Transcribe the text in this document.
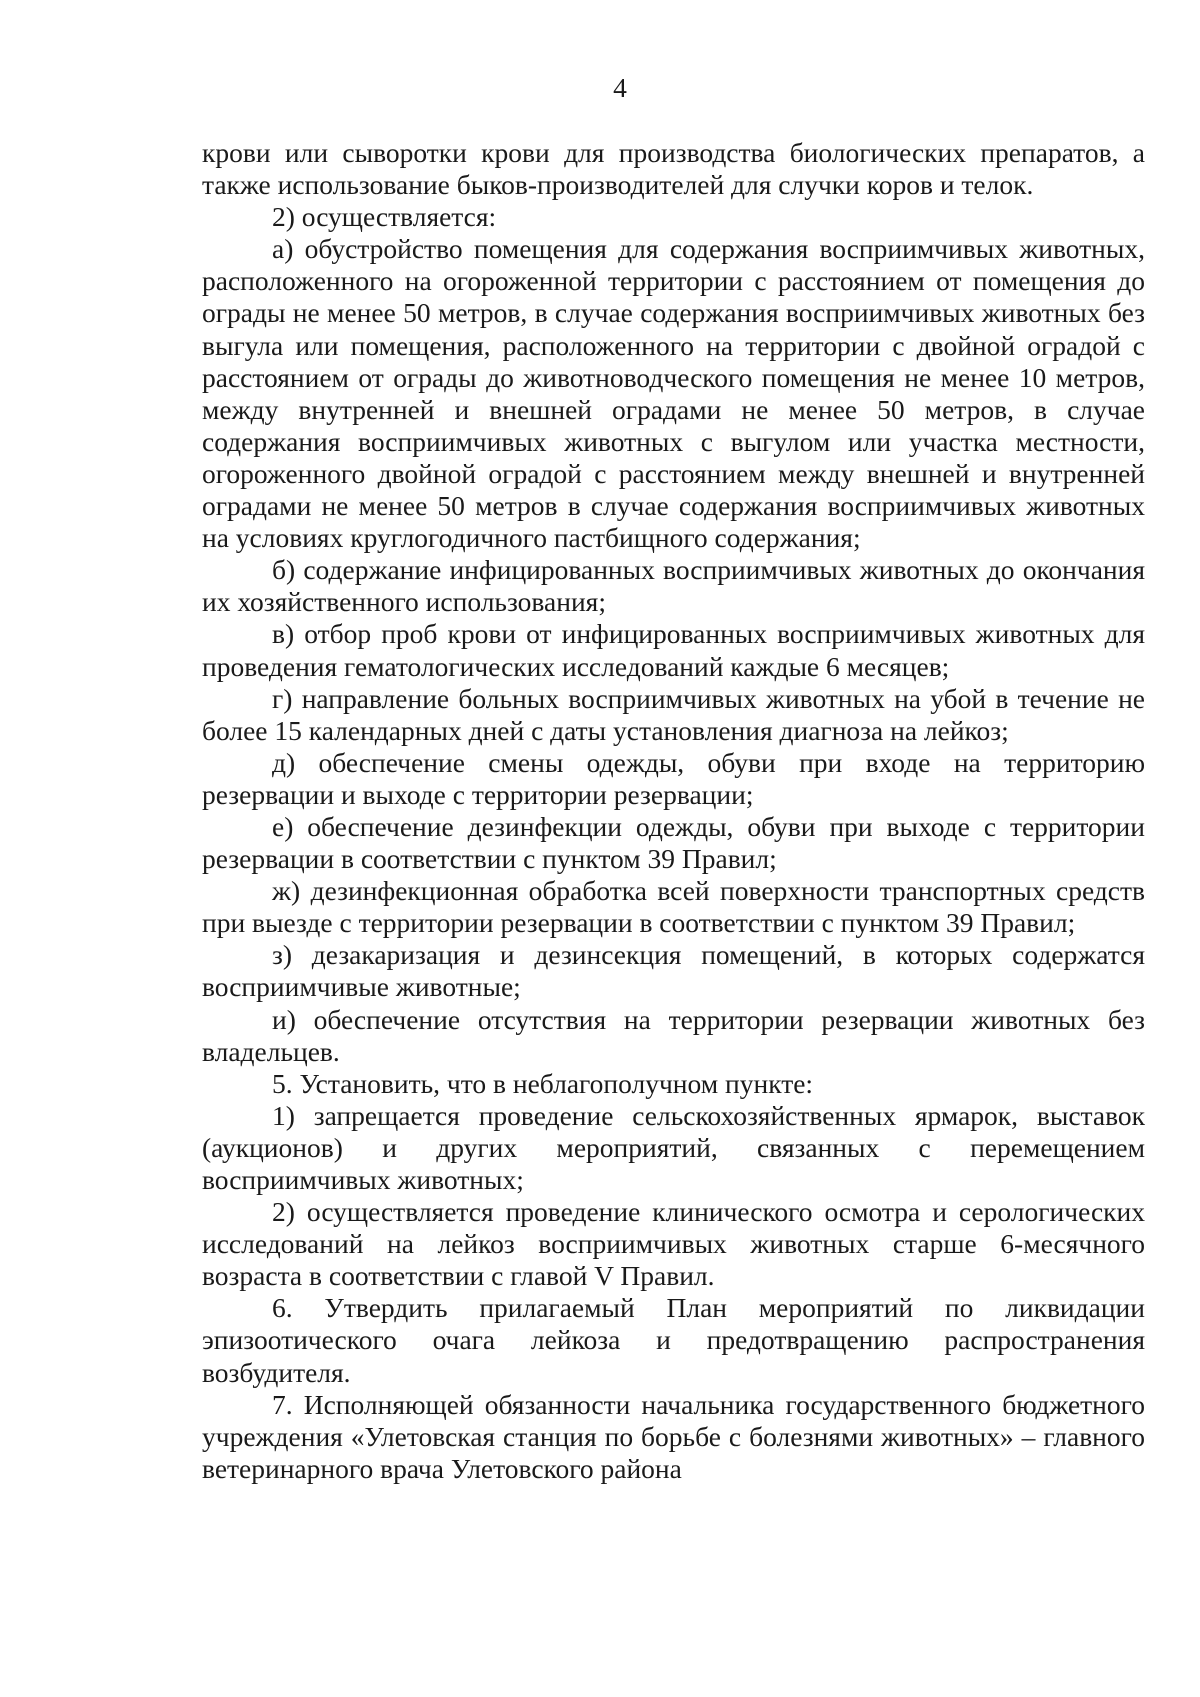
4

крови или сыворотки крови для производства биологических препаратов, а также использование быков-производителей для случки коров и телок.

2) осуществляется:

а) обустройство помещения для содержания восприимчивых животных, расположенного на огороженной территории с расстоянием от помещения до ограды не менее 50 метров, в случае содержания восприимчивых животных без выгула или помещения, расположенного на территории с двойной оградой с расстоянием от ограды до животноводческого помещения не менее 10 метров, между внутренней и внешней оградами не менее 50 метров, в случае содержания восприимчивых животных с выгулом или участка местности, огороженного двойной оградой с расстоянием между внешней и внутренней оградами не менее 50 метров в случае содержания восприимчивых животных на условиях круглогодичного пастбищного содержания;

б) содержание инфицированных восприимчивых животных до окончания их хозяйственного использования;

в) отбор проб крови от инфицированных восприимчивых животных для проведения гематологических исследований каждые 6 месяцев;

г) направление больных восприимчивых животных на убой в течение не более 15 календарных дней с даты установления диагноза на лейкоз;

д) обеспечение смены одежды, обуви при входе на территорию резервации и выходе с территории резервации;

е) обеспечение дезинфекции одежды, обуви при выходе с территории резервации в соответствии с пунктом 39 Правил;

ж) дезинфекционная обработка всей поверхности транспортных средств при выезде с территории резервации в соответствии с пунктом 39 Правил;

з) дезакаризация и дезинсекция помещений, в которых содержатся восприимчивые животные;

и) обеспечение отсутствия на территории резервации животных без владельцев.

5. Установить, что в неблагополучном пункте:

1) запрещается проведение сельскохозяйственных ярмарок, выставок (аукционов) и других мероприятий, связанных с перемещением восприимчивых животных;

2) осуществляется проведение клинического осмотра и серологических исследований на лейкоз восприимчивых животных старше 6-месячного возраста в соответствии с главой V Правил.

6. Утвердить прилагаемый План мероприятий по ликвидации эпизоотического очага лейкоза и предотвращению распространения возбудителя.

7. Исполняющей обязанности начальника государственного бюджетного учреждения «Улетовская станция по борьбе с болезнями животных» – главного ветеринарного врача Улетовского района
